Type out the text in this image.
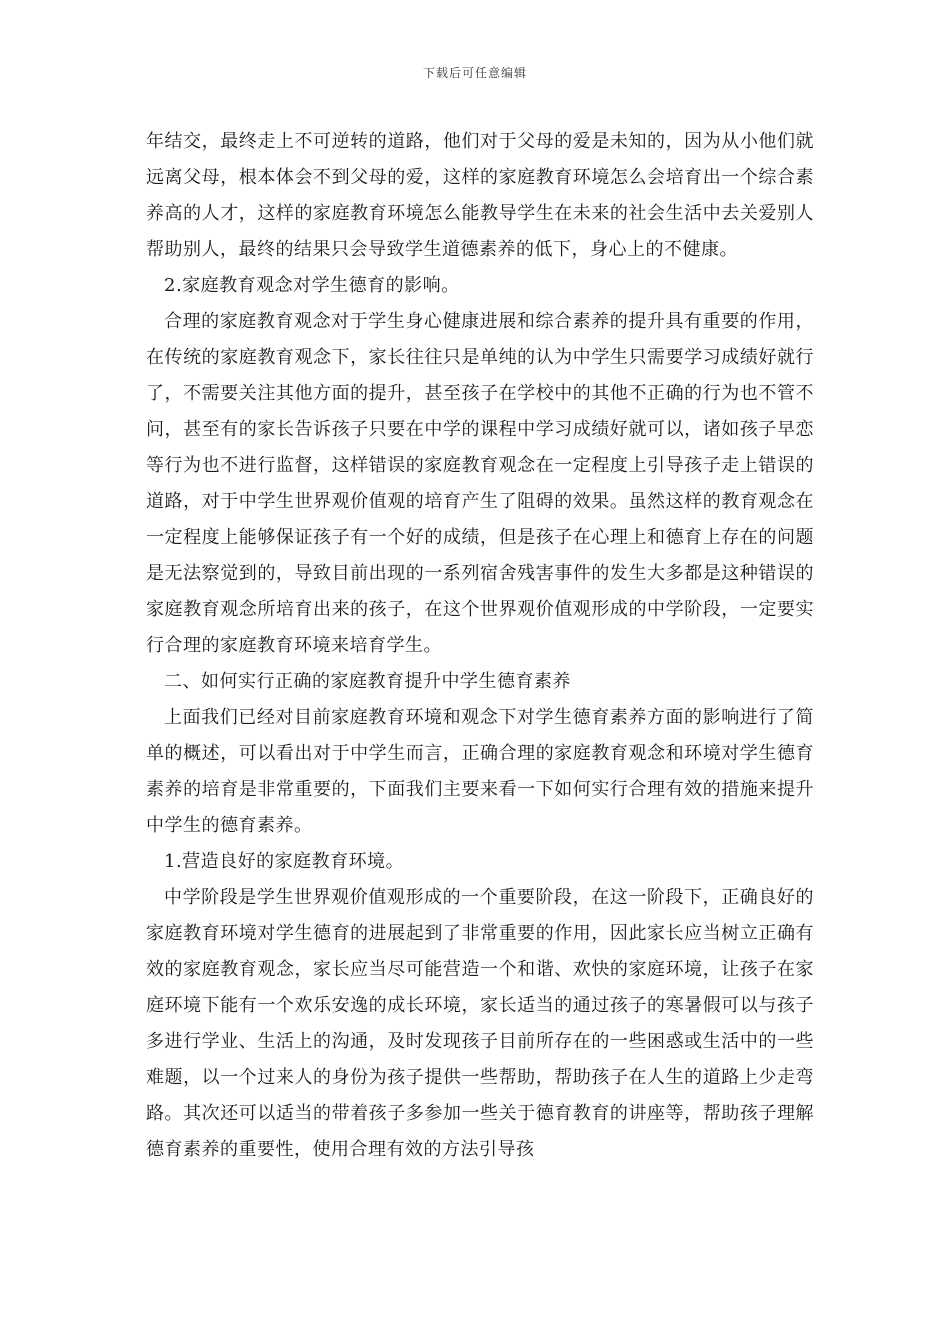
下载后可任意编辑

年结交，最终走上不可逆转的道路，他们对于父母的爱是未知的，因为从小他们就远离父母，根本体会不到父母的爱，这样的家庭教育环境怎么会培育出一个综合素养高的人才，这样的家庭教育环境怎么能教导学生在未来的社会生活中去关爱别人帮助别人，最终的结果只会导致学生道德素养的低下，身心上的不健康。

2.家庭教育观念对学生德育的影响。

合理的家庭教育观念对于学生身心健康进展和综合素养的提升具有重要的作用，在传统的家庭教育观念下，家长往往只是单纯的认为中学生只需要学习成绩好就行了，不需要关注其他方面的提升，甚至孩子在学校中的其他不正确的行为也不管不问，甚至有的家长告诉孩子只要在中学的课程中学习成绩好就可以，诸如孩子早恋等行为也不进行监督，这样错误的家庭教育观念在一定程度上引导孩子走上错误的道路，对于中学生世界观价值观的培育产生了阻碍的效果。虽然这样的教育观念在一定程度上能够保证孩子有一个好的成绩，但是孩子在心理上和德育上存在的问题是无法察觉到的，导致目前出现的一系列宿舍残害事件的发生大多都是这种错误的家庭教育观念所培育出来的孩子，在这个世界观价值观形成的中学阶段，一定要实行合理的家庭教育环境来培育学生。

二、如何实行正确的家庭教育提升中学生德育素养

上面我们已经对目前家庭教育环境和观念下对学生德育素养方面的影响进行了简单的概述，可以看出对于中学生而言，正确合理的家庭教育观念和环境对学生德育素养的培育是非常重要的，下面我们主要来看一下如何实行合理有效的措施来提升中学生的德育素养。

1.营造良好的家庭教育环境。

中学阶段是学生世界观价值观形成的一个重要阶段，在这一阶段下，正确良好的家庭教育环境对学生德育的进展起到了非常重要的作用，因此家长应当树立正确有效的家庭教育观念，家长应当尽可能营造一个和谐、欢快的家庭环境，让孩子在家庭环境下能有一个欢乐安逸的成长环境，家长适当的通过孩子的寒暑假可以与孩子多进行学业、生活上的沟通，及时发现孩子目前所存在的一些困惑或生活中的一些难题，以一个过来人的身份为孩子提供一些帮助，帮助孩子在人生的道路上少走弯路。其次还可以适当的带着孩子多参加一些关于德育教育的讲座等，帮助孩子理解德育素养的重要性，使用合理有效的方法引导孩
